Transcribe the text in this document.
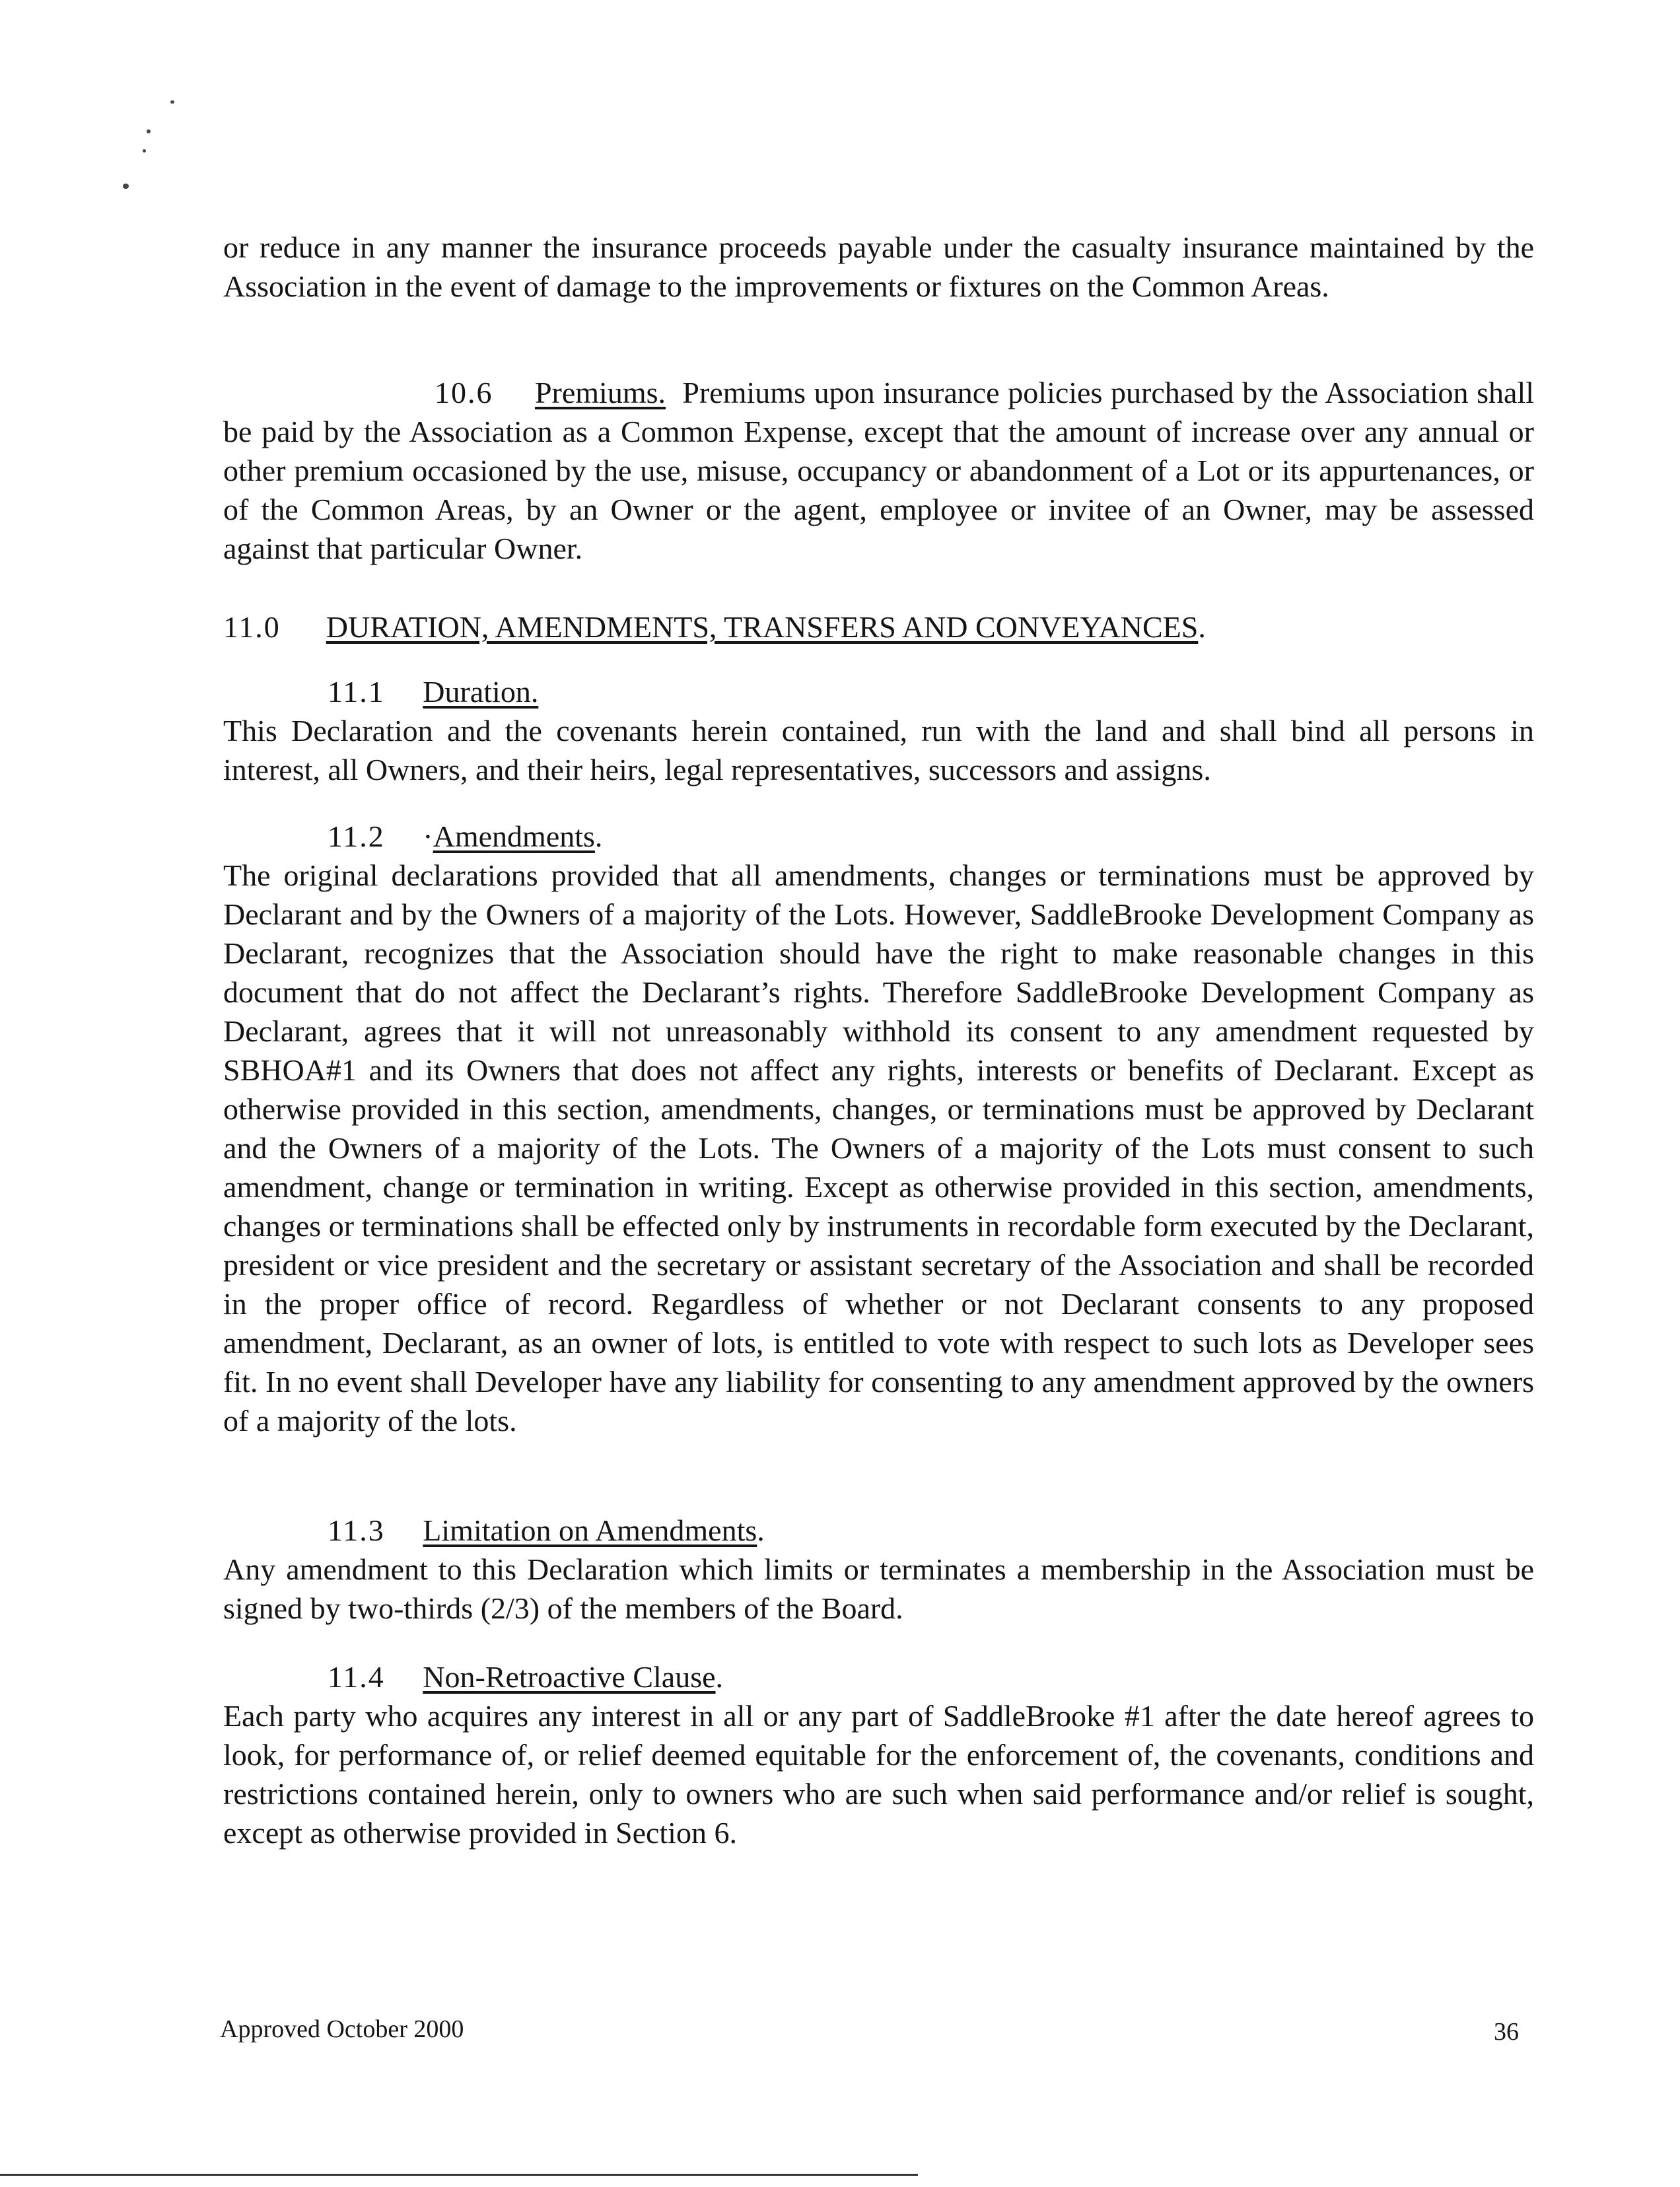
or reduce in any manner the insurance proceeds payable under the casualty insurance maintained by the Association in the event of damage to the improvements or fixtures on the Common Areas.

10.6 Premiums. Premiums upon insurance policies purchased by the Association shall be paid by the Association as a Common Expense, except that the amount of increase over any annual or other premium occasioned by the use, misuse, occupancy or abandonment of a Lot or its appurtenances, or of the Common Areas, by an Owner or the agent, employee or invitee of an Owner, may be assessed against that particular Owner.

11.0 DURATION, AMENDMENTS, TRANSFERS AND CONVEYANCES.

11.1 Duration.

This Declaration and the covenants herein contained, run with the land and shall bind all persons in interest, all Owners, and their heirs, legal representatives, successors and assigns.

11.2 ·Amendments.

The original declarations provided that all amendments, changes or terminations must be approved by Declarant and by the Owners of a majority of the Lots. However, SaddleBrooke Development Company as Declarant, recognizes that the Association should have the right to make reasonable changes in this document that do not affect the Declarant’s rights. Therefore SaddleBrooke Development Company as Declarant, agrees that it will not unreasonably withhold its consent to any amendment requested by SBHOA#1 and its Owners that does not affect any rights, interests or benefits of Declarant. Except as otherwise provided in this section, amendments, changes, or terminations must be approved by Declarant and the Owners of a majority of the Lots. The Owners of a majority of the Lots must consent to such amendment, change or termination in writing. Except as otherwise provided in this section, amendments, changes or terminations shall be effected only by instruments in recordable form executed by the Declarant, president or vice president and the secretary or assistant secretary of the Association and shall be recorded in the proper office of record. Regardless of whether or not Declarant consents to any proposed amendment, Declarant, as an owner of lots, is entitled to vote with respect to such lots as Developer sees fit. In no event shall Developer have any liability for consenting to any amendment approved by the owners of a majority of the lots.

11.3 Limitation on Amendments.

Any amendment to this Declaration which limits or terminates a membership in the Association must be signed by two-thirds (2/3) of the members of the Board.

11.4 Non-Retroactive Clause.

Each party who acquires any interest in all or any part of SaddleBrooke #1 after the date hereof agrees to look, for performance of, or relief deemed equitable for the enforcement of, the covenants, conditions and restrictions contained herein, only to owners who are such when said performance and/or relief is sought, except as otherwise provided in Section 6.

Approved October 2000	36
